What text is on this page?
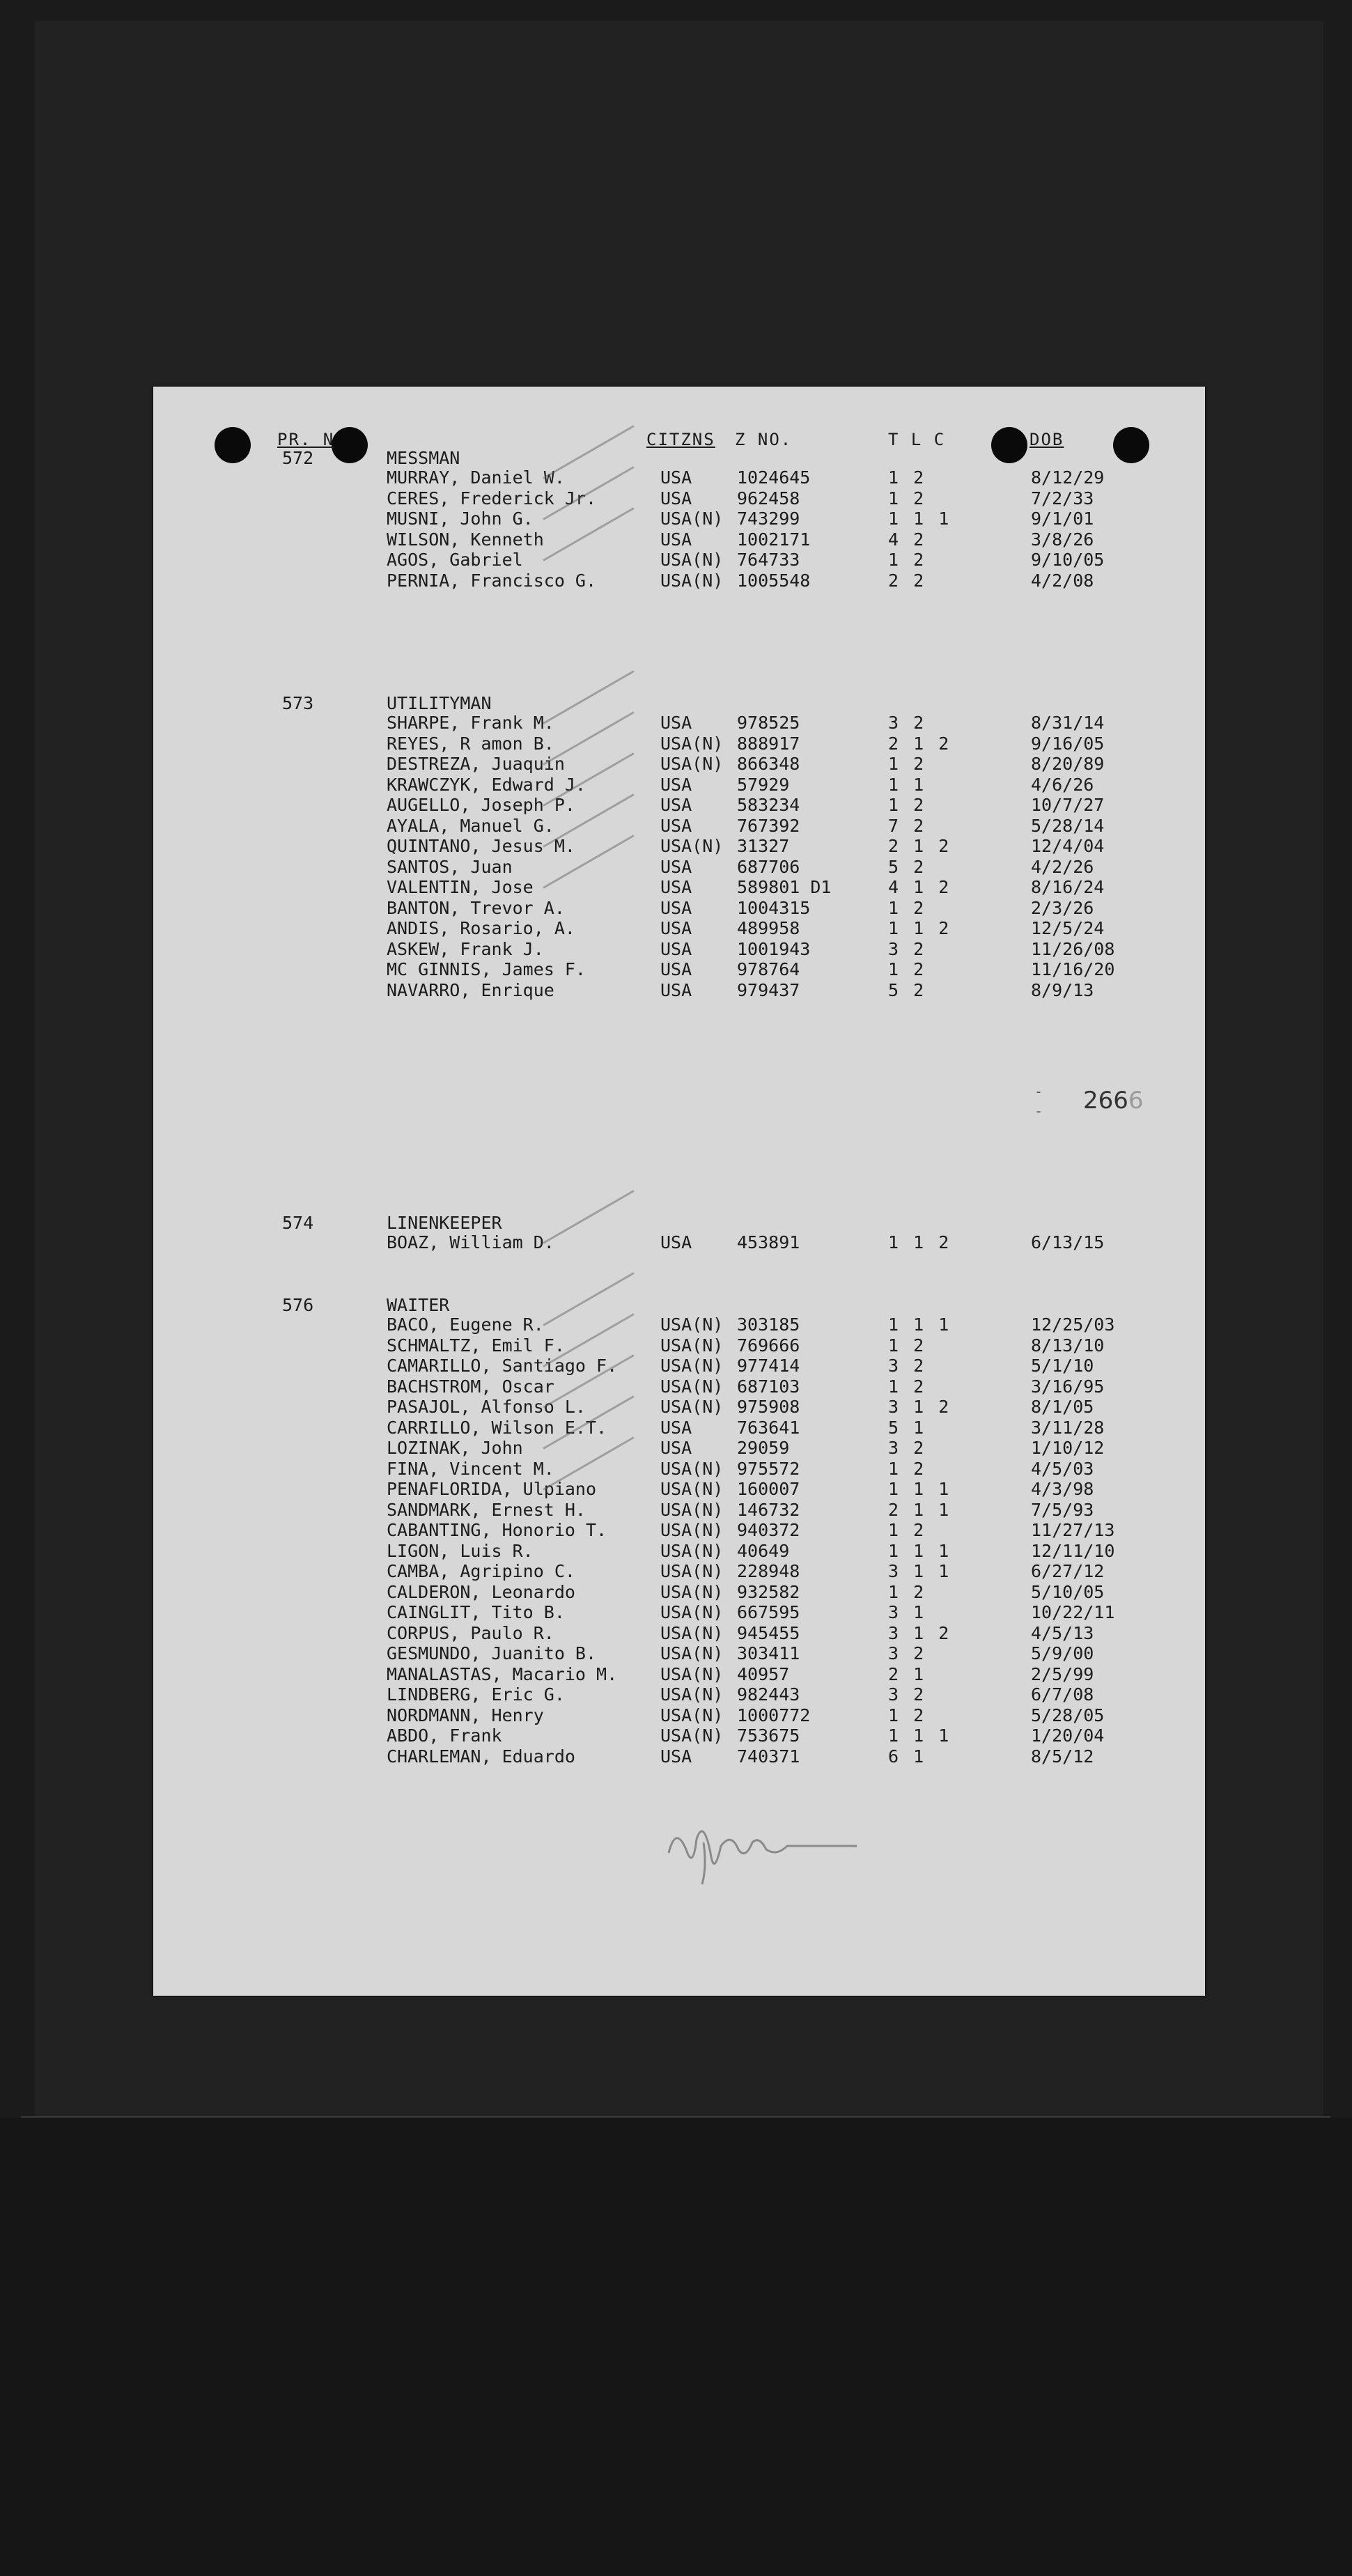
PR. N	CITZNS Z NO.	T L C	DOB
572	MESSMAN
MURRAY, Daniel W.	USA	1024645	1 2	8/12/29
CERES, Frederick Jr.	USA	962458	1 2	7/2/33
MUSNI, John G.	USA(N) 743299	1 1 1	9/1/01
WILSON, Kenneth	USA	1002171	4 2	3/8/26
AGOS, Gabriel	USA(N) 764733	1 2	9/10/05
PERNIA, Francisco G.	USA(N) 1005548	2 2	4/2/08
573	UTILITYMAN
SHARPE, Frank M.	USA	978525	3 2	8/31/14
REYES, R amon B.	USA(N) 888917	2 1 2	9/16/05
DESTREZA, Juaquin	USA(N) 866348	1 2	8/20/89
KRAWCZYK, Edward J.	USA	57929	1 1	4/6/26
AUGELLO, Joseph P.	USA	583234	1 2	10/7/27
AYALA, Manuel G.	USA	767392	7 2	5/28/14
QUINTANO, Jesus M.	USA(N) 31327	2 1 2	12/4/04
SANTOS, Juan	USA	687706	5 2	4/2/26
VALENTIN, Jose	USA	589801 D1	4 1 2	8/16/24
BANTON, Trevor A.	USA	1004315	1 2	2/3/26
ANDIS, Rosario, A.	USA	489958	1 1 2	12/5/24
ASKEW, Frank J.	USA	1001943	3 2	11/26/08
MC GINNIS, James F.	USA	978764	1 2	11/16/20
NAVARRO, Enrique	USA	979437	5 2	8/9/13
574	LINENKEEPER
BOAZ, William D.	USA	453891	1 1 2	6/13/15
576	WAITER
BACO, Eugene R.	USA(N) 303185	1 1 1	12/25/03
SCHMALTZ, Emil F.	USA(N) 769666	1 2	8/13/10
CAMARILLO, Santiago F. USA(N) 977414	3 2	5/1/10
BACHSTROM, Oscar	USA(N) 687103	1 2	3/16/95
PASAJOL, Alfonso L.	USA(N) 975908	3 1 2	8/1/05
CARRILLO, Wilson E.T.	USA	763641	5 1	3/11/28
LOZINAK, John	USA	29059	3 2	1/10/12
FINA, Vincent M.	USA(N) 975572	1 2	4/5/03
PENAFLORIDA, Ulpiano	USA(N) 160007	1 1 1	4/3/98
SANDMARK, Ernest H.	USA(N) 146732	2 1 1	7/5/93
CABANTING, Honorio T.	USA(N) 940372	1 2	11/27/13
LIGON, Luis R.	USA(N) 40649	1 1 1	12/11/10
CAMBA, Agripino C.	USA(N) 228948	3 1 1	6/27/12
CALDERON, Leonardo	USA(N) 932582	1 2	5/10/05
CAINGLIT, Tito B.	USA(N) 667595	3 1	10/22/11
CORPUS, Paulo R.	USA(N) 945455	3 1 2	4/5/13
GESMUNDO, Juanito B.	USA(N) 303411	3 2	5/9/00
MANALASTAS, Macario M. USA(N) 40957	2 1	2/5/99
LINDBERG, Eric G.	USA(N) 982443	3 2	6/7/08
NORDMANN, Henry	USA(N) 1000772	1 2	5/28/05
ABDO, Frank	USA(N) 753675	1 1 1	1/20/04
CHARLEMAN, Eduardo	USA	740371	6 1	8/5/12
-
- 2666
